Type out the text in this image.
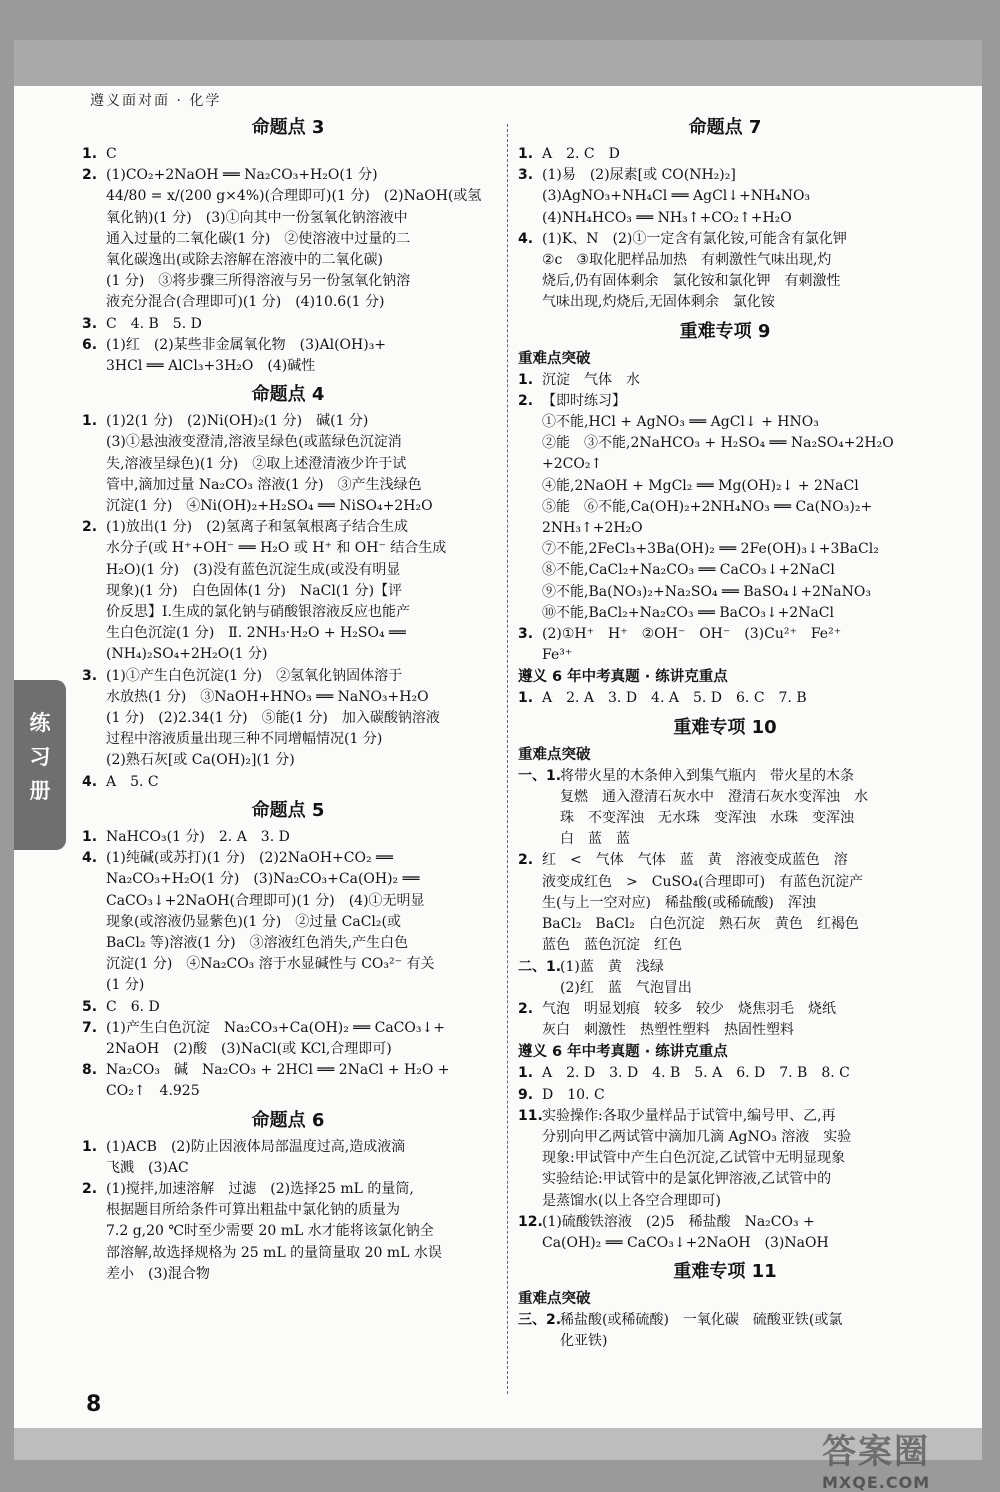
遵义面对面 · 化学
命题点 3
1. C
2. (1)CO₂+2NaOH ══ Na₂CO₃+H₂O(1 分)
44/80 = x/(200 g×4%)(合理即可)(1 分)　(2)NaOH(或氢
氧化钠)(1 分)　(3)①向其中一份氢氧化钠溶液中
通入过量的二氧化碳(1 分)　②使溶液中过量的二
氧化碳逸出(或除去溶解在溶液中的二氧化碳)
(1 分)　③将步骤三所得溶液与另一份氢氧化钠溶
液充分混合(合理即可)(1 分)　(4)10.6(1 分)
3. C　4. B　5. D
6. (1)红　(2)某些非金属氧化物　(3)Al(OH)₃+
3HCl ══ AlCl₃+3H₂O　(4)碱性
命题点 4
1. (1)2(1 分)　(2)Ni(OH)₂(1 分)　碱(1 分)
(3)①悬浊液变澄清,溶液呈绿色(或蓝绿色沉淀消
失,溶液呈绿色)(1 分)　②取上述澄清液少许于试
管中,滴加过量 Na₂CO₃ 溶液(1 分)　③产生浅绿色
沉淀(1 分)　④Ni(OH)₂+H₂SO₄ ══ NiSO₄+2H₂O
2. (1)放出(1 分)　(2)氢离子和氢氧根离子结合生成
水分子(或 H⁺+OH⁻ ══ H₂O 或 H⁺ 和 OH⁻ 结合生成
H₂O)(1 分)　(3)没有蓝色沉淀生成(或没有明显
现象)(1 分)　白色固体(1 分)　NaCl(1 分)【评
价反思】Ⅰ.生成的氯化钠与硝酸银溶液反应也能产
生白色沉淀(1 分)　Ⅱ. 2NH₃·H₂O + H₂SO₄ ══
(NH₄)₂SO₄+2H₂O(1 分)
3. (1)①产生白色沉淀(1 分)　②氢氧化钠固体溶于
水放热(1 分)　③NaOH+HNO₃ ══ NaNO₃+H₂O
(1 分)　(2)2.34(1 分)　⑤能(1 分)　加入碳酸钠溶液
过程中溶液质量出现三种不同增幅情况(1 分)
(2)熟石灰[或 Ca(OH)₂](1 分)
4. A　5. C
命题点 5
1. NaHCO₃(1 分)　2. A　3. D
4. (1)纯碱(或苏打)(1 分)　(2)2NaOH+CO₂ ══
Na₂CO₃+H₂O(1 分)　(3)Na₂CO₃+Ca(OH)₂ ══
CaCO₃↓+2NaOH(合理即可)(1 分)　(4)①无明显
现象(或溶液仍显紫色)(1 分)　②过量 CaCl₂(或
BaCl₂ 等)溶液(1 分)　③溶液红色消失,产生白色
沉淀(1 分)　④Na₂CO₃ 溶于水显碱性与 CO₃²⁻ 有关
(1 分)
5. C　6. D
7. (1)产生白色沉淀　Na₂CO₃+Ca(OH)₂ ══ CaCO₃↓+
2NaOH　(2)酸　(3)NaCl(或 KCl,合理即可)
8. Na₂CO₃　碱　Na₂CO₃ + 2HCl ══ 2NaCl + H₂O +
CO₂↑　4.925
命题点 6
1. (1)ACB　(2)防止因液体局部温度过高,造成液滴
飞溅　(3)AC
2. (1)搅拌,加速溶解　过滤　(2)选择25 mL 的量筒,
根据题目所给条件可算出粗盐中氯化钠的质量为
7.2 g,20 ℃时至少需要 20 mL 水才能将该氯化钠全
部溶解,故选择规格为 25 mL 的量筒量取 20 mL 水误
差小　(3)混合物
命题点 7
1. A　2. C　D
3. (1)易　(2)尿素[或 CO(NH₂)₂]
(3)AgNO₃+NH₄Cl ══ AgCl↓+NH₄NO₃
(4)NH₄HCO₃ ══ NH₃↑+CO₂↑+H₂O
4. (1)K、N　(2)①一定含有氯化铵,可能含有氯化钾
②c　③取化肥样品加热　有刺激性气味出现,灼
烧后,仍有固体剩余　氯化铵和氯化钾　有刺激性
气味出现,灼烧后,无固体剩余　氯化铵
重难专项 9
重难点突破
1. 沉淀　气体　水
2. 【即时练习】
①不能,HCl + AgNO₃ ══ AgCl↓ + HNO₃
②能　③不能,2NaHCO₃ + H₂SO₄ ══ Na₂SO₄+2H₂O
+2CO₂↑
④能,2NaOH + MgCl₂ ══ Mg(OH)₂↓ + 2NaCl
⑤能　⑥不能,Ca(OH)₂+2NH₄NO₃ ══ Ca(NO₃)₂+
2NH₃↑+2H₂O
⑦不能,2FeCl₃+3Ba(OH)₂ ══ 2Fe(OH)₃↓+3BaCl₂
⑧不能,CaCl₂+Na₂CO₃ ══ CaCO₃↓+2NaCl
⑨不能,Ba(NO₃)₂+Na₂SO₄ ══ BaSO₄↓+2NaNO₃
⑩不能,BaCl₂+Na₂CO₃ ══ BaCO₃↓+2NaCl
3. (2)①H⁺　H⁺　②OH⁻　OH⁻　(3)Cu²⁺　Fe²⁺
Fe³⁺
遵义 6 年中考真题 · 练讲克重点
1. A　2. A　3. D　4. A　5. D　6. C　7. B
重难专项 10
重难点突破
一、1.
将带火星的木条伸入到集气瓶内　带火星的木条
复燃　通入澄清石灰水中　澄清石灰水变浑浊　水
珠　不变浑浊　无水珠　变浑浊　水珠　变浑浊
白　蓝　蓝
2. 红　<　气体　气体　蓝　黄　溶液变成蓝色　溶
液变成红色　>　CuSO₄(合理即可)　有蓝色沉淀产
生(与上一空对应)　稀盐酸(或稀硫酸)　浑浊
BaCl₂　BaCl₂　白色沉淀　熟石灰　黄色　红褐色
蓝色　蓝色沉淀　红色
二、1.
(1)蓝　黄　浅绿
(2)红　蓝　气泡冒出
2. 气泡　明显划痕　较多　较少　烧焦羽毛　烧纸
灰白　刺激性　热塑性塑料　热固性塑料
遵义 6 年中考真题 · 练讲克重点
1. A　2. D　3. D　4. B　5. A　6. D　7. B　8. C
9. D　10. C
11. 实验操作:各取少量样品于试管中,编号甲、乙,再
分别向甲乙两试管中滴加几滴 AgNO₃ 溶液　实验
现象:甲试管中产生白色沉淀,乙试管中无明显现象
实验结论:甲试管中的是氯化钾溶液,乙试管中的
是蒸馏水(以上各空合理即可)
12. (1)硫酸铁溶液　(2)5　稀盐酸　Na₂CO₃ +
Ca(OH)₂ ══ CaCO₃↓+2NaOH　(3)NaOH
重难专项 11
重难点突破
三、2.
稀盐酸(或稀硫酸)　一氧化碳　硫酸亚铁(或氯
化亚铁)
练
习
册
8
答案圈
MXQE.COM
